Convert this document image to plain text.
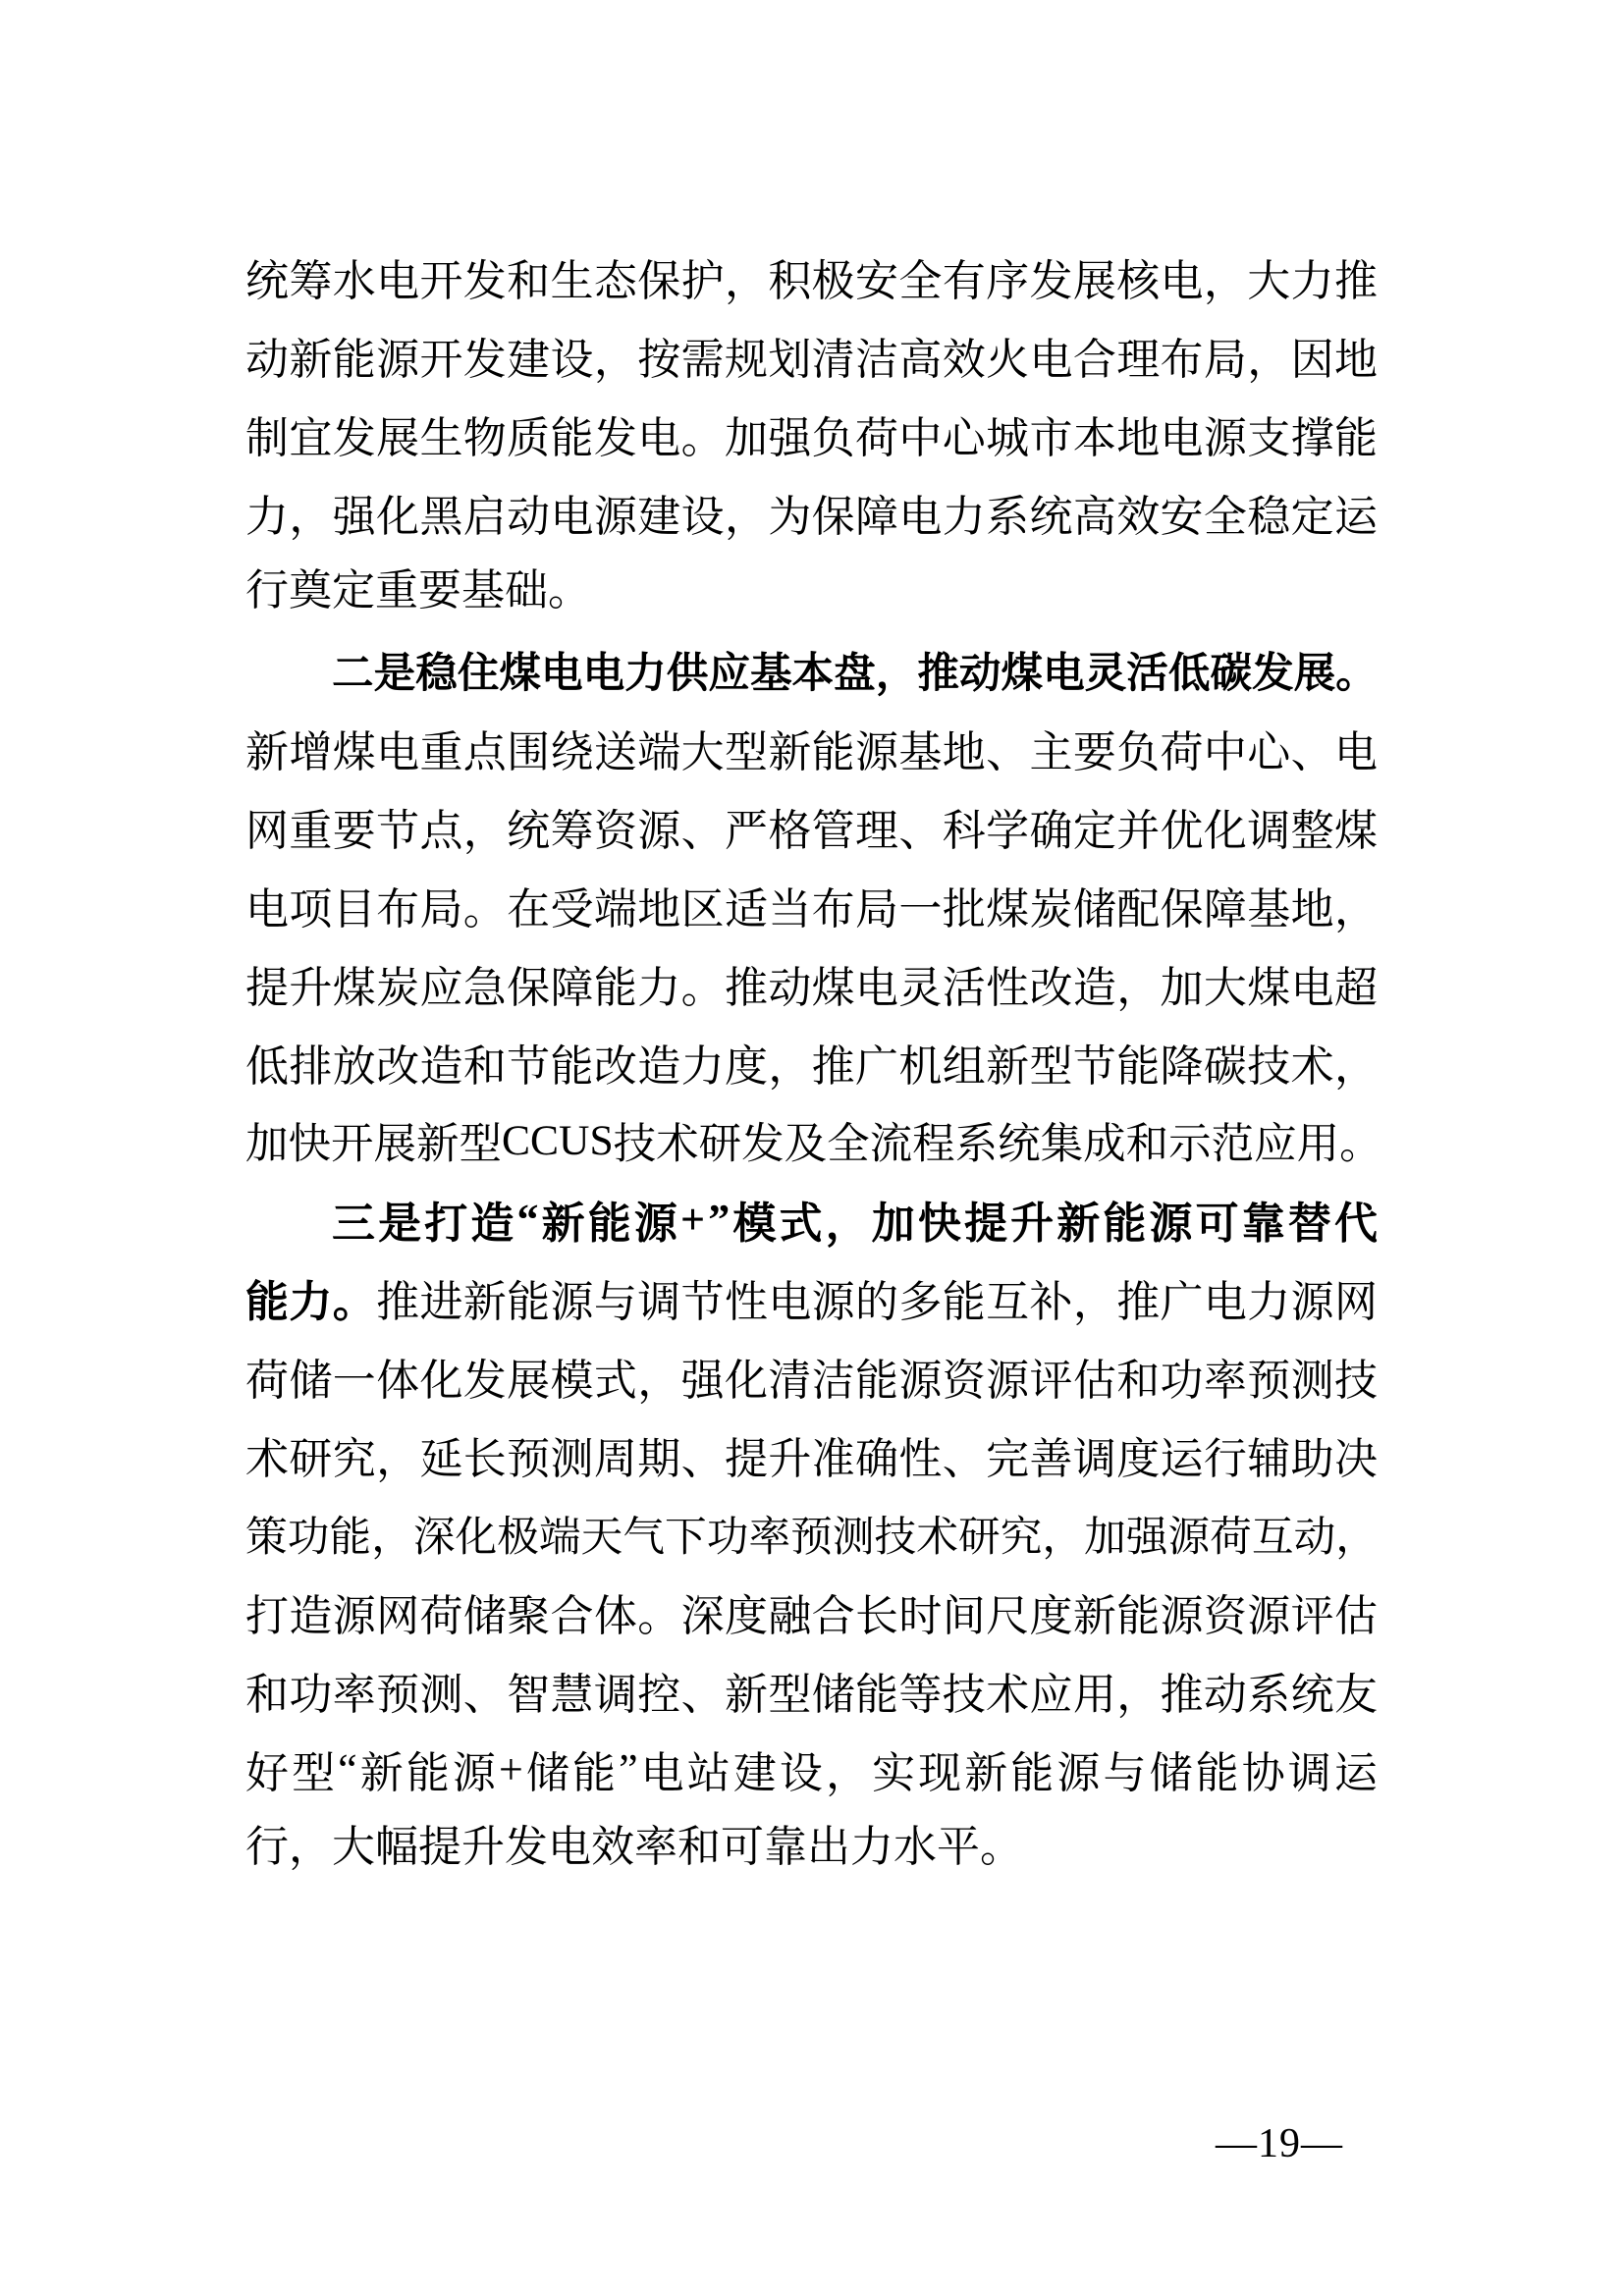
统 筹 水 电 开 发 和 生 态 保 护 ， 积 极 安 全 有 序 发 展 核 电 ， 大 力 推
动 新 能 源 开 发 建 设 ， 按 需 规 划 清 洁 高 效 火 电 合 理 布 局 ， 因 地
制 宜 发 展 生 物 质 能 发 电 。 加 强 负 荷 中 心 城 市 本 地 电 源 支 撑 能
力 ， 强 化 黑 启 动 电 源 建 设 ， 为 保 障 电 力 系 统 高 效 安 全 稳 定 运
行奠定重要基础。
二 是 稳 住 煤 电 电 力 供 应 基 本 盘 ， 推 动 煤 电 灵 活 低 碳 发 展 。
新 增 煤 电 重 点 围 绕 送 端 大 型 新 能 源 基 地 、 主 要 负 荷 中 心 、 电
网 重 要 节 点 ， 统 筹 资 源 、 严 格 管 理 、 科 学 确 定 并 优 化 调 整 煤
电 项 目 布 局 。 在 受 端 地 区 适 当 布 局 一 批 煤 炭 储 配 保 障 基 地 ，
提 升 煤 炭 应 急 保 障 能 力 。 推 动 煤 电 灵 活 性 改 造 ， 加 大 煤 电 超
低 排 放 改 造 和 节 能 改 造 力 度 ， 推 广 机 组 新 型 节 能 降 碳 技 术 ，
加 快 开 展 新 型 CCUS 技 术 研 发 及 全 流 程 系 统 集 成 和 示 范 应 用 。
三 是 打 造 “ 新 能 源 + ” 模 式 ， 加 快 提 升 新 能 源 可 靠 替 代
能 力 。 推 进 新 能 源 与 调 节 性 电 源 的 多 能 互 补 ， 推 广 电 力 源 网
荷 储 一 体 化 发 展 模 式 ， 强 化 清 洁 能 源 资 源 评 估 和 功 率 预 测 技
术 研 究 ， 延 长 预 测 周 期 、 提 升 准 确 性 、 完 善 调 度 运 行 辅 助 决
策 功 能 ， 深 化 极 端 天 气 下 功 率 预 测 技 术 研 究 ， 加 强 源 荷 互 动 ，
打 造 源 网 荷 储 聚 合 体 。 深 度 融 合 长 时 间 尺 度 新 能 源 资 源 评 估
和 功 率 预 测 、 智 慧 调 控 、 新 型 储 能 等 技 术 应 用 ， 推 动 系 统 友
好 型 “ 新 能 源 + 储 能 ” 电 站 建 设 ， 实 现 新 能 源 与 储 能 协 调 运
行，大幅提升发电效率和可靠出力水平。
—19—
